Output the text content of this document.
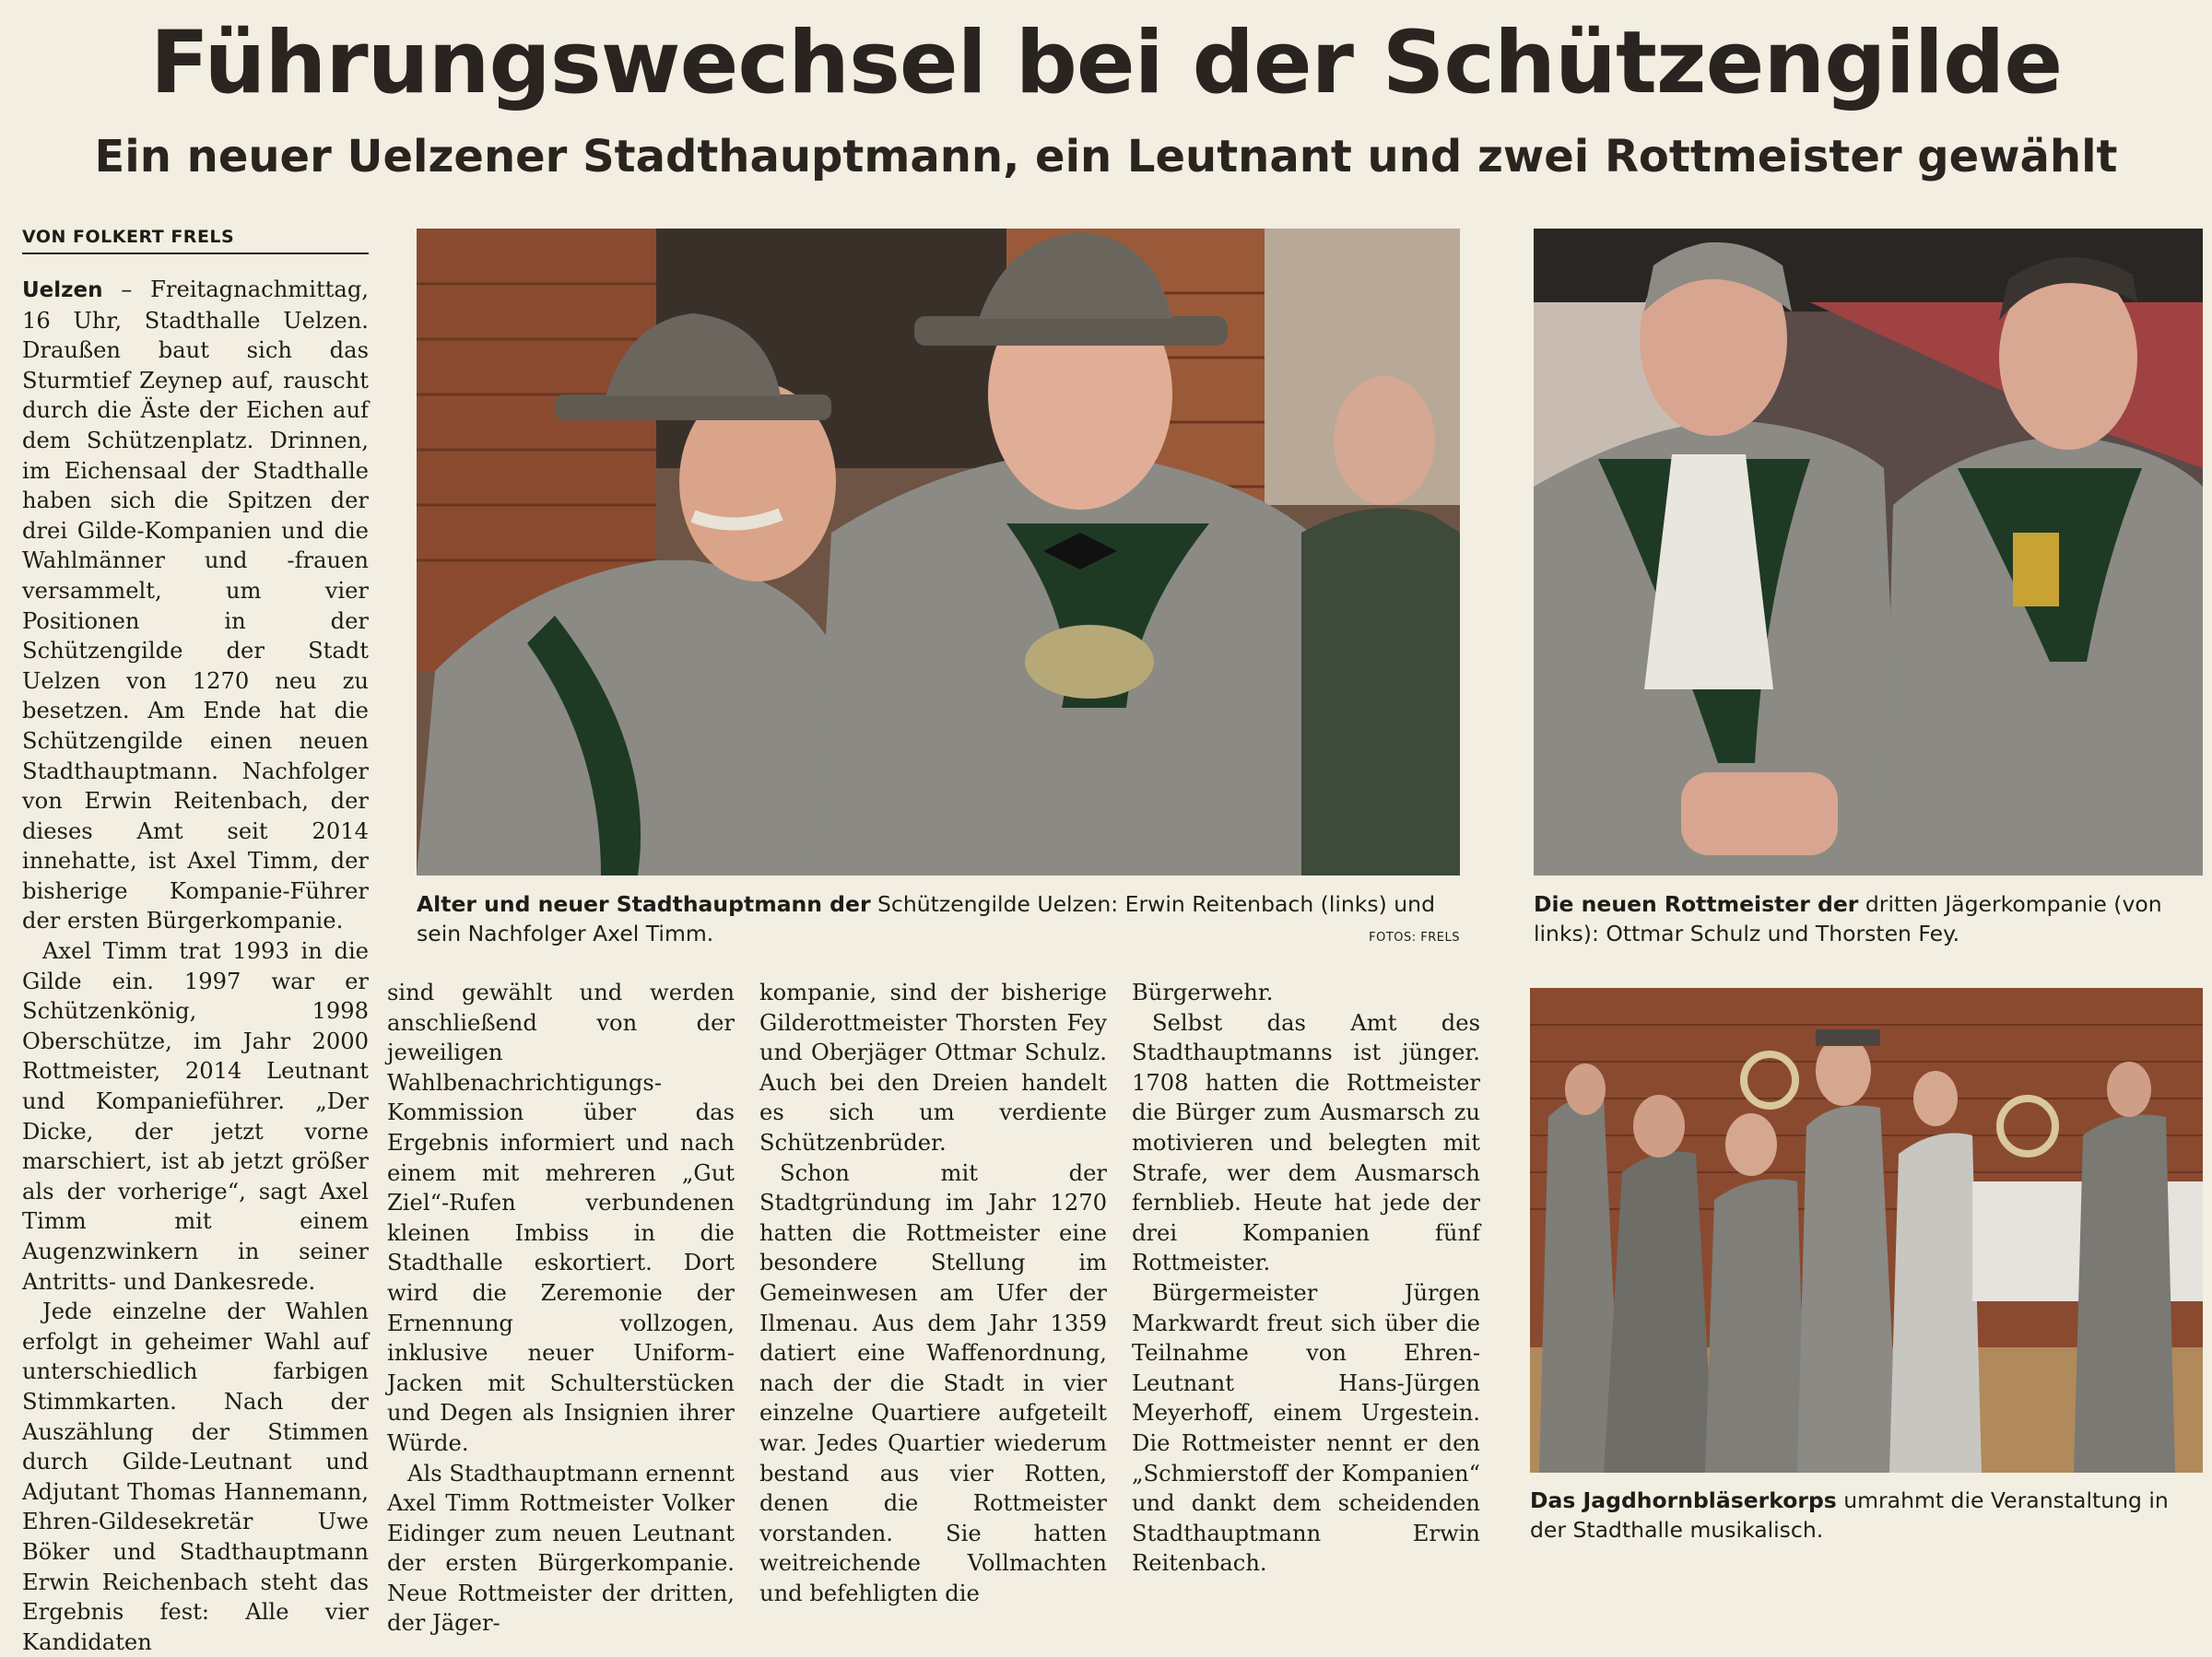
Führungswechsel bei der Schützengilde
Ein neuer Uelzener Stadthauptmann, ein Leutnant und zwei Rottmeister gewählt
VON FOLKERT FRELS
Alter und neuer Stadthauptmann der Schützengilde Uelzen: Erwin Reitenbach (links) und sein Nachfolger Axel Timm.	FOTOS: FRELS
Die neuen Rottmeister der dritten Jägerkompanie (von links): Ottmar Schulz und Thorsten Fey.
Das Jagdhornbläserkorps umrahmt die Veranstaltung in der Stadthalle musikalisch.

Uelzen – Freitagnachmittag, 16 Uhr, Stadthalle Uelzen. Draußen baut sich das Sturmtief Zeynep auf, rauscht durch die Äste der Eichen auf dem Schützenplatz. Drinnen, im Eichensaal der Stadthalle haben sich die Spitzen der drei Gilde-Kompanien und die Wahlmänner und -frauen versammelt, um vier Positionen in der Schützengilde der Stadt Uelzen von 1270 neu zu besetzen. Am Ende hat die Schützengilde einen neuen Stadthauptmann. Nachfolger von Erwin Reitenbach, der dieses Amt seit 2014 innehatte, ist Axel Timm, der bisherige Kompanie-Führer der ersten Bürgerkompanie.

Axel Timm trat 1993 in die Gilde ein. 1997 war er Schützenkönig, 1998 Oberschütze, im Jahr 2000 Rottmeister, 2014 Leutnant und Kompanieführer. „Der Dicke, der jetzt vorne marschiert, ist ab jetzt größer als der vorherige“, sagt Axel Timm mit einem Augenzwinkern in seiner Antritts- und Dankesrede.

Jede einzelne der Wahlen erfolgt in geheimer Wahl auf unterschiedlich farbigen Stimmkarten. Nach der Auszählung der Stimmen durch Gilde-Leutnant und Adjutant Thomas Hannemann, Ehren-Gildesekretär Uwe Böker und Stadthauptmann Erwin Reichenbach steht das Ergebnis fest: Alle vier Kandidaten

sind gewählt und werden anschließend von der jeweiligen Wahlbenachrichtigungs-Kommission über das Ergebnis informiert und nach einem mit mehreren „Gut Ziel“-Rufen verbundenen kleinen Imbiss in die Stadthalle eskortiert. Dort wird die Zeremonie der Ernennung vollzogen, inklusive neuer Uniform-Jacken mit Schulterstücken und Degen als Insignien ihrer Würde.

Als Stadthauptmann ernennt Axel Timm Rottmeister Volker Eidinger zum neuen Leutnant der ersten Bürgerkompanie. Neue Rottmeister der dritten, der Jäger-

kompanie, sind der bisherige Gilderottmeister Thorsten Fey und Oberjäger Ottmar Schulz. Auch bei den Dreien handelt es sich um verdiente Schützenbrüder.

Schon mit der Stadtgründung im Jahr 1270 hatten die Rottmeister eine besondere Stellung im Gemeinwesen am Ufer der Ilmenau. Aus dem Jahr 1359 datiert eine Waffenordnung, nach der die Stadt in vier einzelne Quartiere aufgeteilt war. Jedes Quartier wiederum bestand aus vier Rotten, denen die Rottmeister vorstanden. Sie hatten weitreichende Vollmachten und befehligten die

Bürgerwehr.

Selbst das Amt des Stadthauptmanns ist jünger. 1708 hatten die Rottmeister die Bürger zum Ausmarsch zu motivieren und belegten mit Strafe, wer dem Ausmarsch fernblieb. Heute hat jede der drei Kompanien fünf Rottmeister.

Bürgermeister Jürgen Markwardt freut sich über die Teilnahme von Ehren-Leutnant Hans-Jürgen Meyerhoff, einem Urgestein. Die Rottmeister nennt er den „Schmierstoff der Kompanien“ und dankt dem scheidenden Stadthauptmann Erwin Reitenbach.
